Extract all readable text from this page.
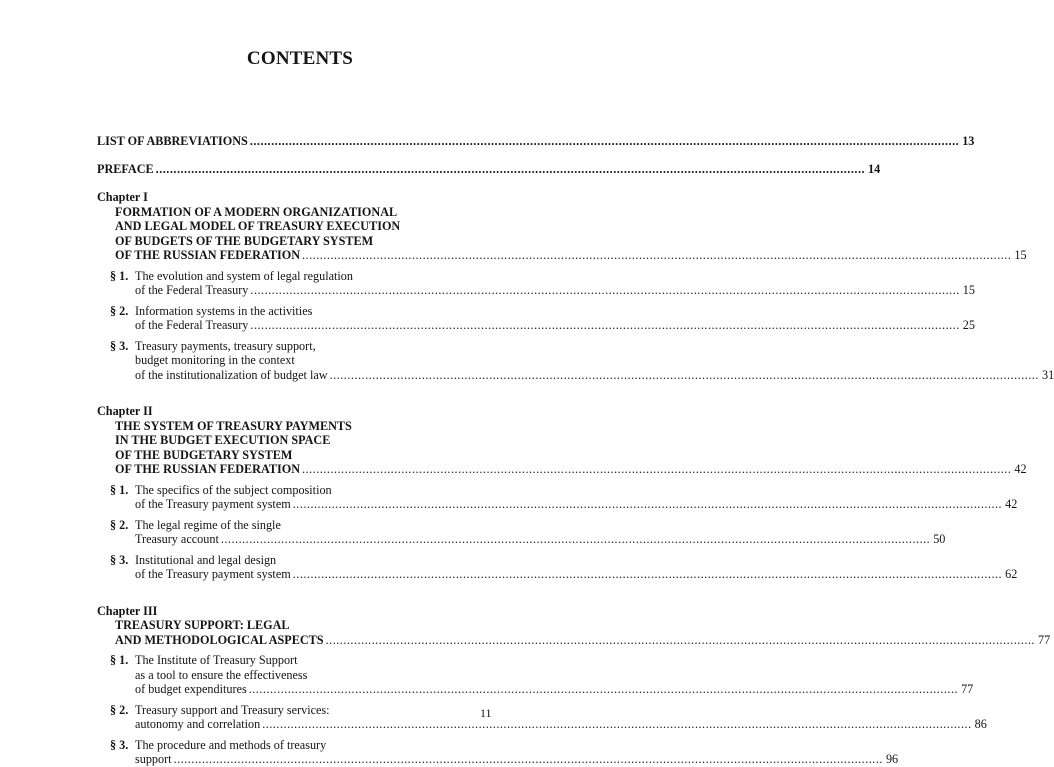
CONTENTS
LIST OF ABBREVIATIONS .....	13
PREFACE .....	14
Chapter I
FORMATION OF A MODERN ORGANIZATIONAL
AND LEGAL MODEL OF TREASURY EXECUTION
OF BUDGETS OF THE BUDGETARY SYSTEM
OF THE RUSSIAN FEDERATION .....	15
§ 1. The evolution and system of legal regulation
of the Federal Treasury .....	15
§ 2. Information systems in the activities
of the Federal Treasury .....	25
§ 3. Treasury payments, treasury support,
budget monitoring in the context
of the institutionalization of budget law .....	31
Chapter II
THE SYSTEM OF TREASURY PAYMENTS
IN THE BUDGET EXECUTION SPACE
OF THE BUDGETARY SYSTEM
OF THE RUSSIAN FEDERATION .....	42
§ 1. The specifics of the subject composition
of the Treasury payment system .....	42
§ 2. The legal regime of the single
Treasury account .....	50
§ 3. Institutional and legal design
of the Treasury payment system .....	62
Chapter III
TREASURY SUPPORT: LEGAL
AND METHODOLOGICAL ASPECTS .....	77
§ 1. The Institute of Treasury Support
as a tool to ensure the effectiveness
of budget expenditures .....	77
§ 2. Treasury support and Treasury services:
autonomy and correlation .....	86
§ 3. The procedure and methods of treasury
support .....	96
11
